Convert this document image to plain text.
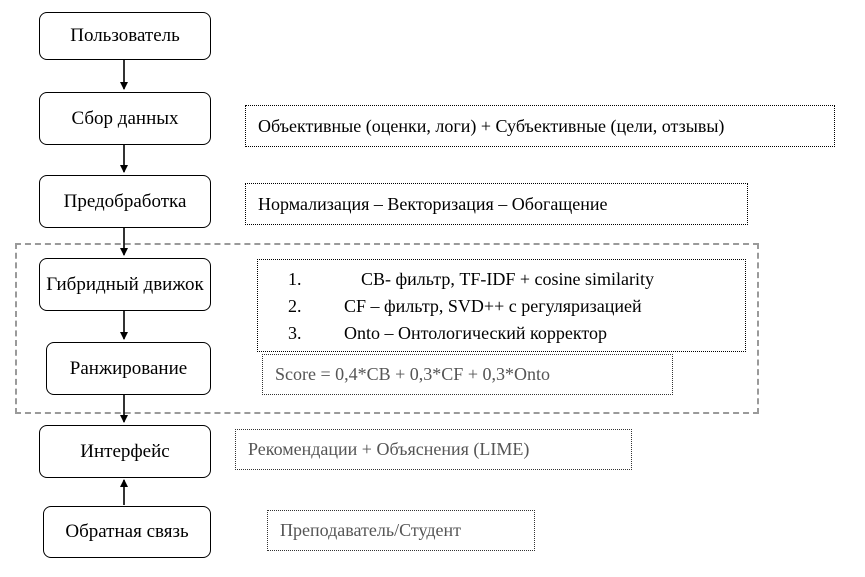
Пользователь
Сбор данных
Предобработка
Гибридный движок
Ранжирование
Интерфейс
Обратная связь
Объективные (оценки, логи) + Субъективные (цели, отзывы)
Нормализация – Векторизация – Обогащение
1.	CB- фильтр, TF-IDF + cosine similarity
2. CF – фильтр, SVD++ с регуляризацией
3. Onto – Онтологический корректор
Score = 0,4*CB + 0,3*CF + 0,3*Onto
Рекомендации + Объяснения (LIME)
Преподаватель/Студент
